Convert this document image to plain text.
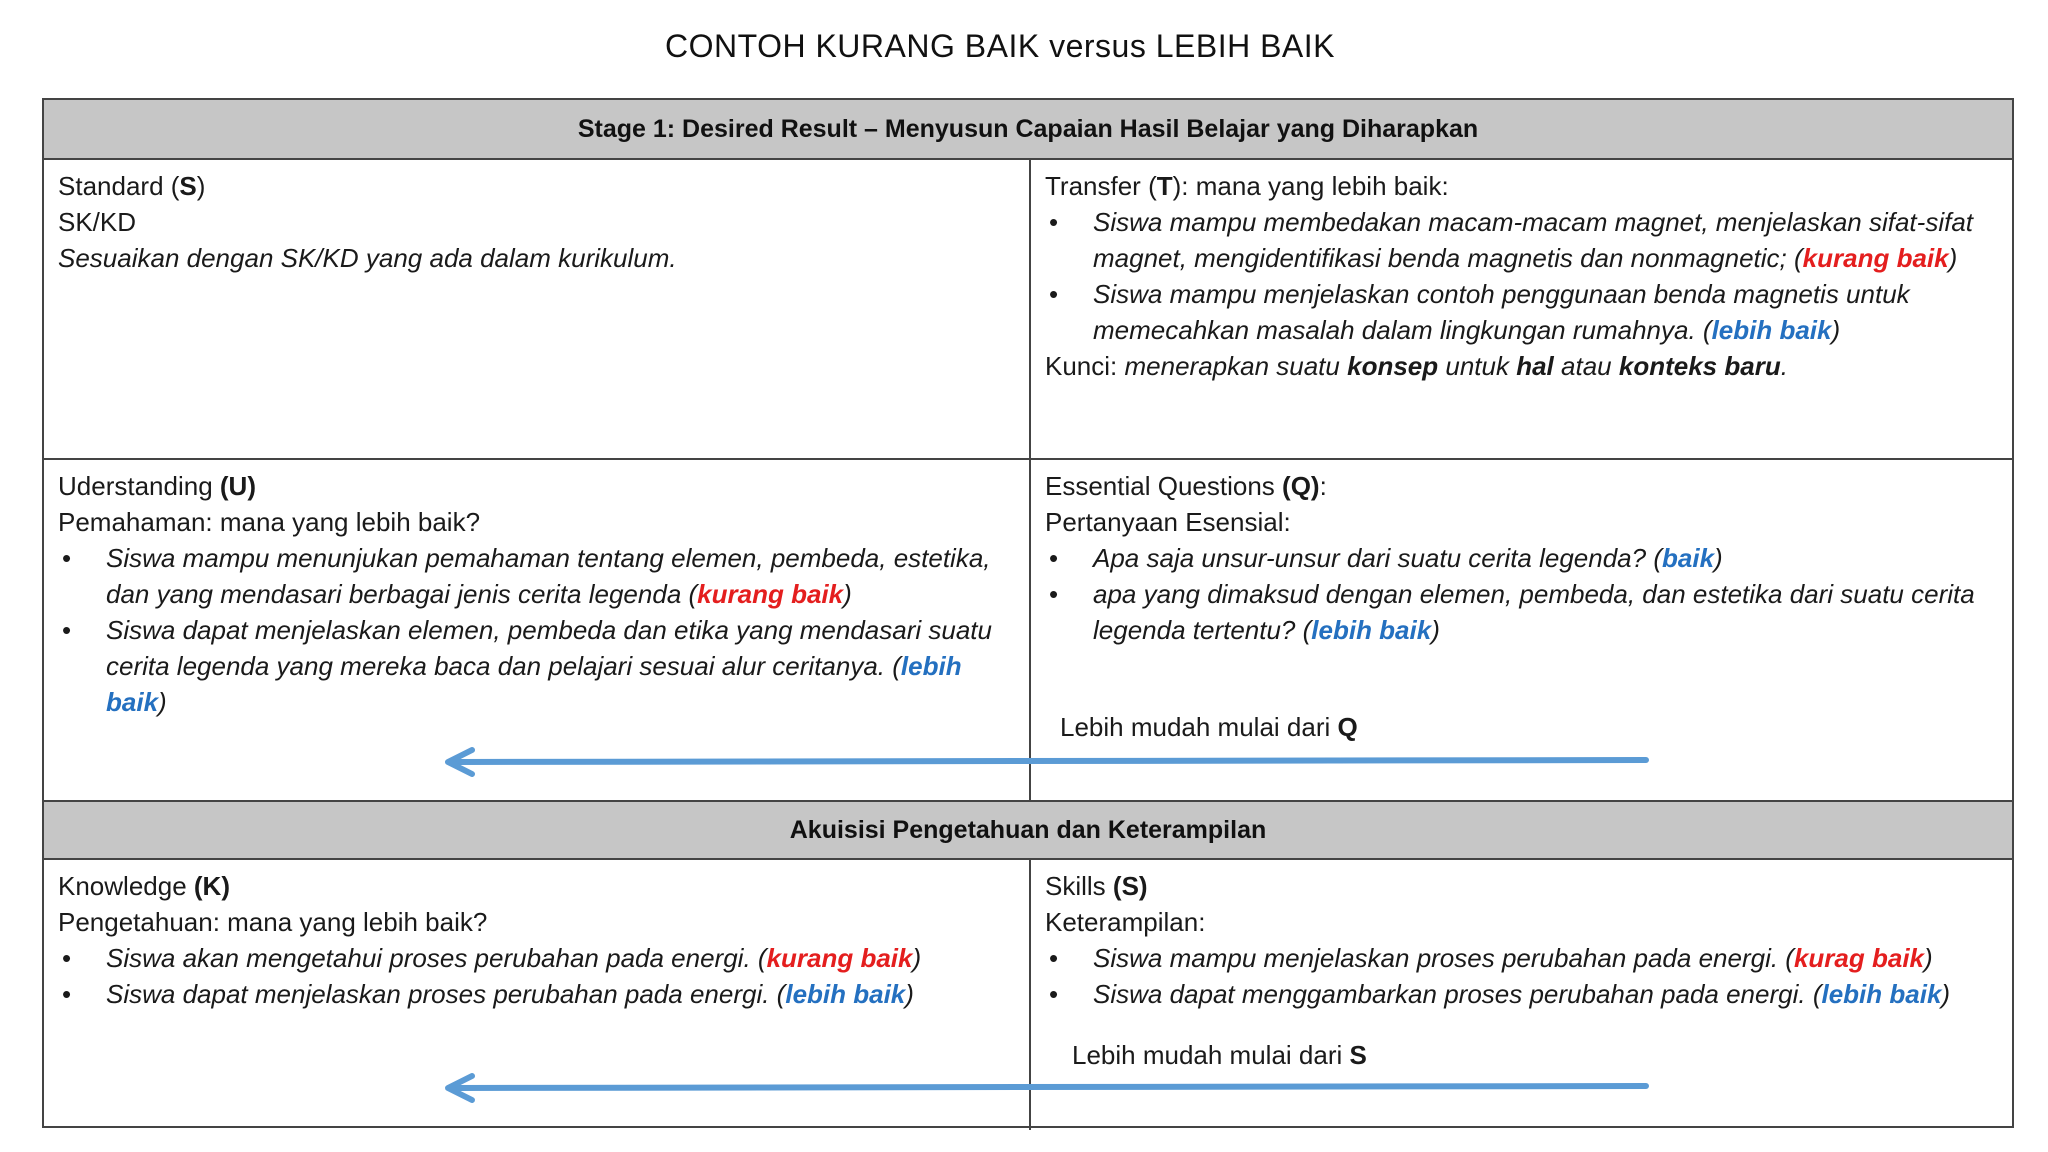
CONTOH KURANG BAIK versus LEBIH BAIK
Stage 1: Desired Result – Menyusun Capaian Hasil Belajar yang Diharapkan
Akuisisi Pengetahuan dan Keterampilan

Standard (S)

SK/KD

Sesuaikan dengan SK/KD yang ada dalam kurikulum.

Transfer (T): mana yang lebih baik:

• Siswa mampu membedakan macam-macam magnet, menjelaskan sifat-sifat magnet, mengidentifikasi benda magnetis dan nonmagnetic; (kurang baik)
• Siswa mampu menjelaskan contoh penggunaan benda magnetis untuk memecahkan masalah dalam lingkungan rumahnya. (lebih baik)

Kunci: menerapkan suatu konsep untuk hal atau konteks baru.

Uderstanding (U)

Pemahaman: mana yang lebih baik?

• Siswa mampu menunjukan pemahaman tentang elemen, pembeda, estetika, dan yang mendasari berbagai jenis cerita legenda (kurang baik)
• Siswa dapat menjelaskan elemen, pembeda dan etika yang mendasari suatu cerita legenda yang mereka baca dan pelajari sesuai alur ceritanya. (lebih baik)

Essential Questions (Q):

Pertanyaan Esensial:

• Apa saja unsur-unsur dari suatu cerita legenda? (baik)
• apa yang dimaksud dengan elemen, pembeda, dan estetika dari suatu cerita legenda tertentu? (lebih baik)
Lebih mudah mulai dari Q

Knowledge (K)

Pengetahuan: mana yang lebih baik?

• Siswa akan mengetahui proses perubahan pada energi. (kurang baik)
• Siswa dapat menjelaskan proses perubahan pada energi. (lebih baik)

Skills (S)

Keterampilan:

• Siswa mampu menjelaskan proses perubahan pada energi. (kurag baik)
• Siswa dapat menggambarkan proses perubahan pada energi. (lebih baik)
Lebih mudah mulai dari S
